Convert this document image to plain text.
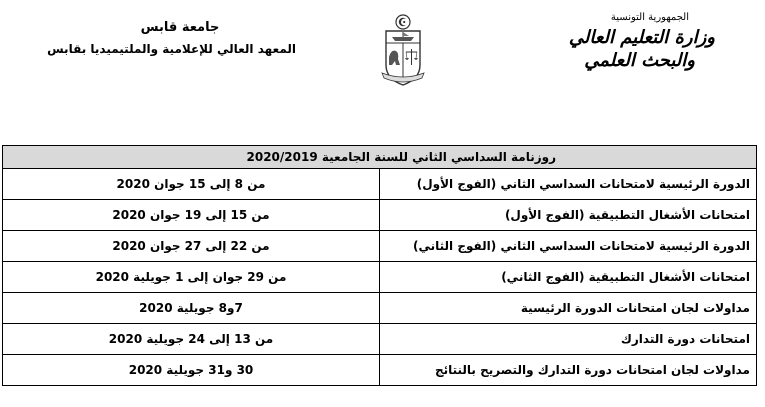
جامعة قابس
المعهد العالي للإعلامية والملتيميديا بقابس
الجمهورية التونسية
وزارة التعليم العالي
والبحث العلمي
روزنامة السداسي الثاني للسنة الجامعية 2020/2019	
الدورة الرئيسية لامتحانات السداسي الثاني (الفوج الأول)	من 8 إلى 15 جوان 2020
امتحانات الأشغال التطبيقية (الفوج الأول)	من 15 إلى 19 جوان 2020
الدورة الرئيسية لامتحانات السداسي الثاني (الفوج الثاني)	من 22 إلى 27 جوان 2020
امتحانات الأشغال التطبيقية (الفوج الثاني)	من 29 جوان إلى 1 جويلية 2020
مداولات لجان امتحانات الدورة الرئيسية	7و8 جويلية 2020
امتحانات دورة التدارك	من 13 إلى 24 جويلية 2020
مداولات لجان امتحانات دورة التدارك والتصريح بالنتائج	30 و31 جويلية 2020
